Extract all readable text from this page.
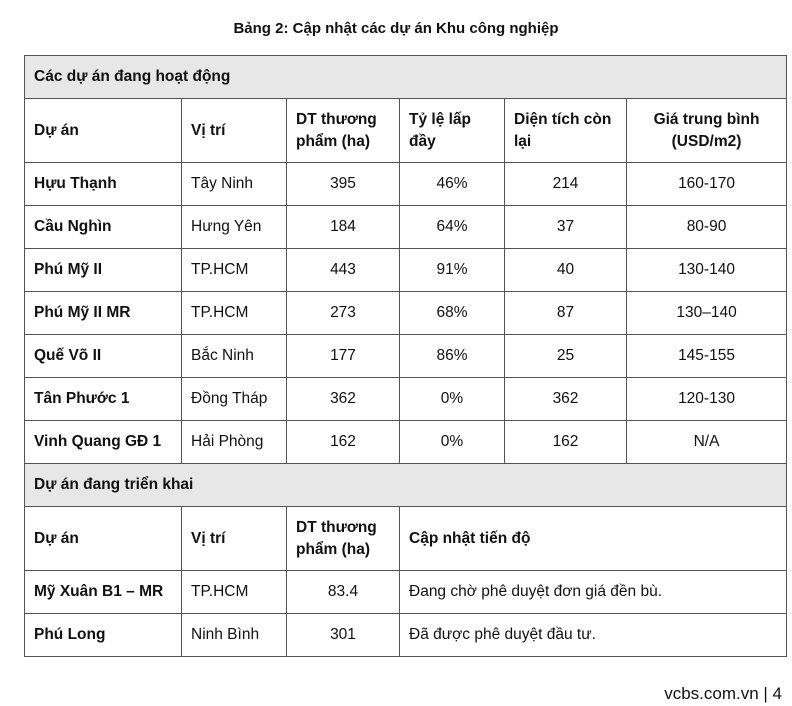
Bảng 2: Cập nhật các dự án Khu công nghiệp
Các dự án đang hoạt động					
Dự án	Vị trí	DT thương phẩm (ha)	Tỷ lệ lấp đầy	Diện tích còn lại	Giá trung bình (USD/m2)
Hựu Thạnh	Tây Ninh	395	46%	214	160-170
Cầu Nghìn	Hưng Yên	184	64%	37	80-90
Phú Mỹ II	TP.HCM	443	91%	40	130-140
Phú Mỹ II MR	TP.HCM	273	68%	87	130–140
Quế Võ II	Bắc Ninh	177	86%	25	145-155
Tân Phước 1	Đồng Tháp	362	0%	362	120-130
Vinh Quang GĐ 1	Hải Phòng	162	0%	162	N/A
Dự án đang triển khai					
Dự án	Vị trí	DT thương phẩm (ha)	Cập nhật tiến độ		
Mỹ Xuân B1 – MR	TP.HCM	83.4	Đang chờ phê duyệt đơn giá đền bù.		
Phú Long	Ninh Bình	301	Đã được phê duyệt đầu tư.		
vcbs.com.vn | 4
